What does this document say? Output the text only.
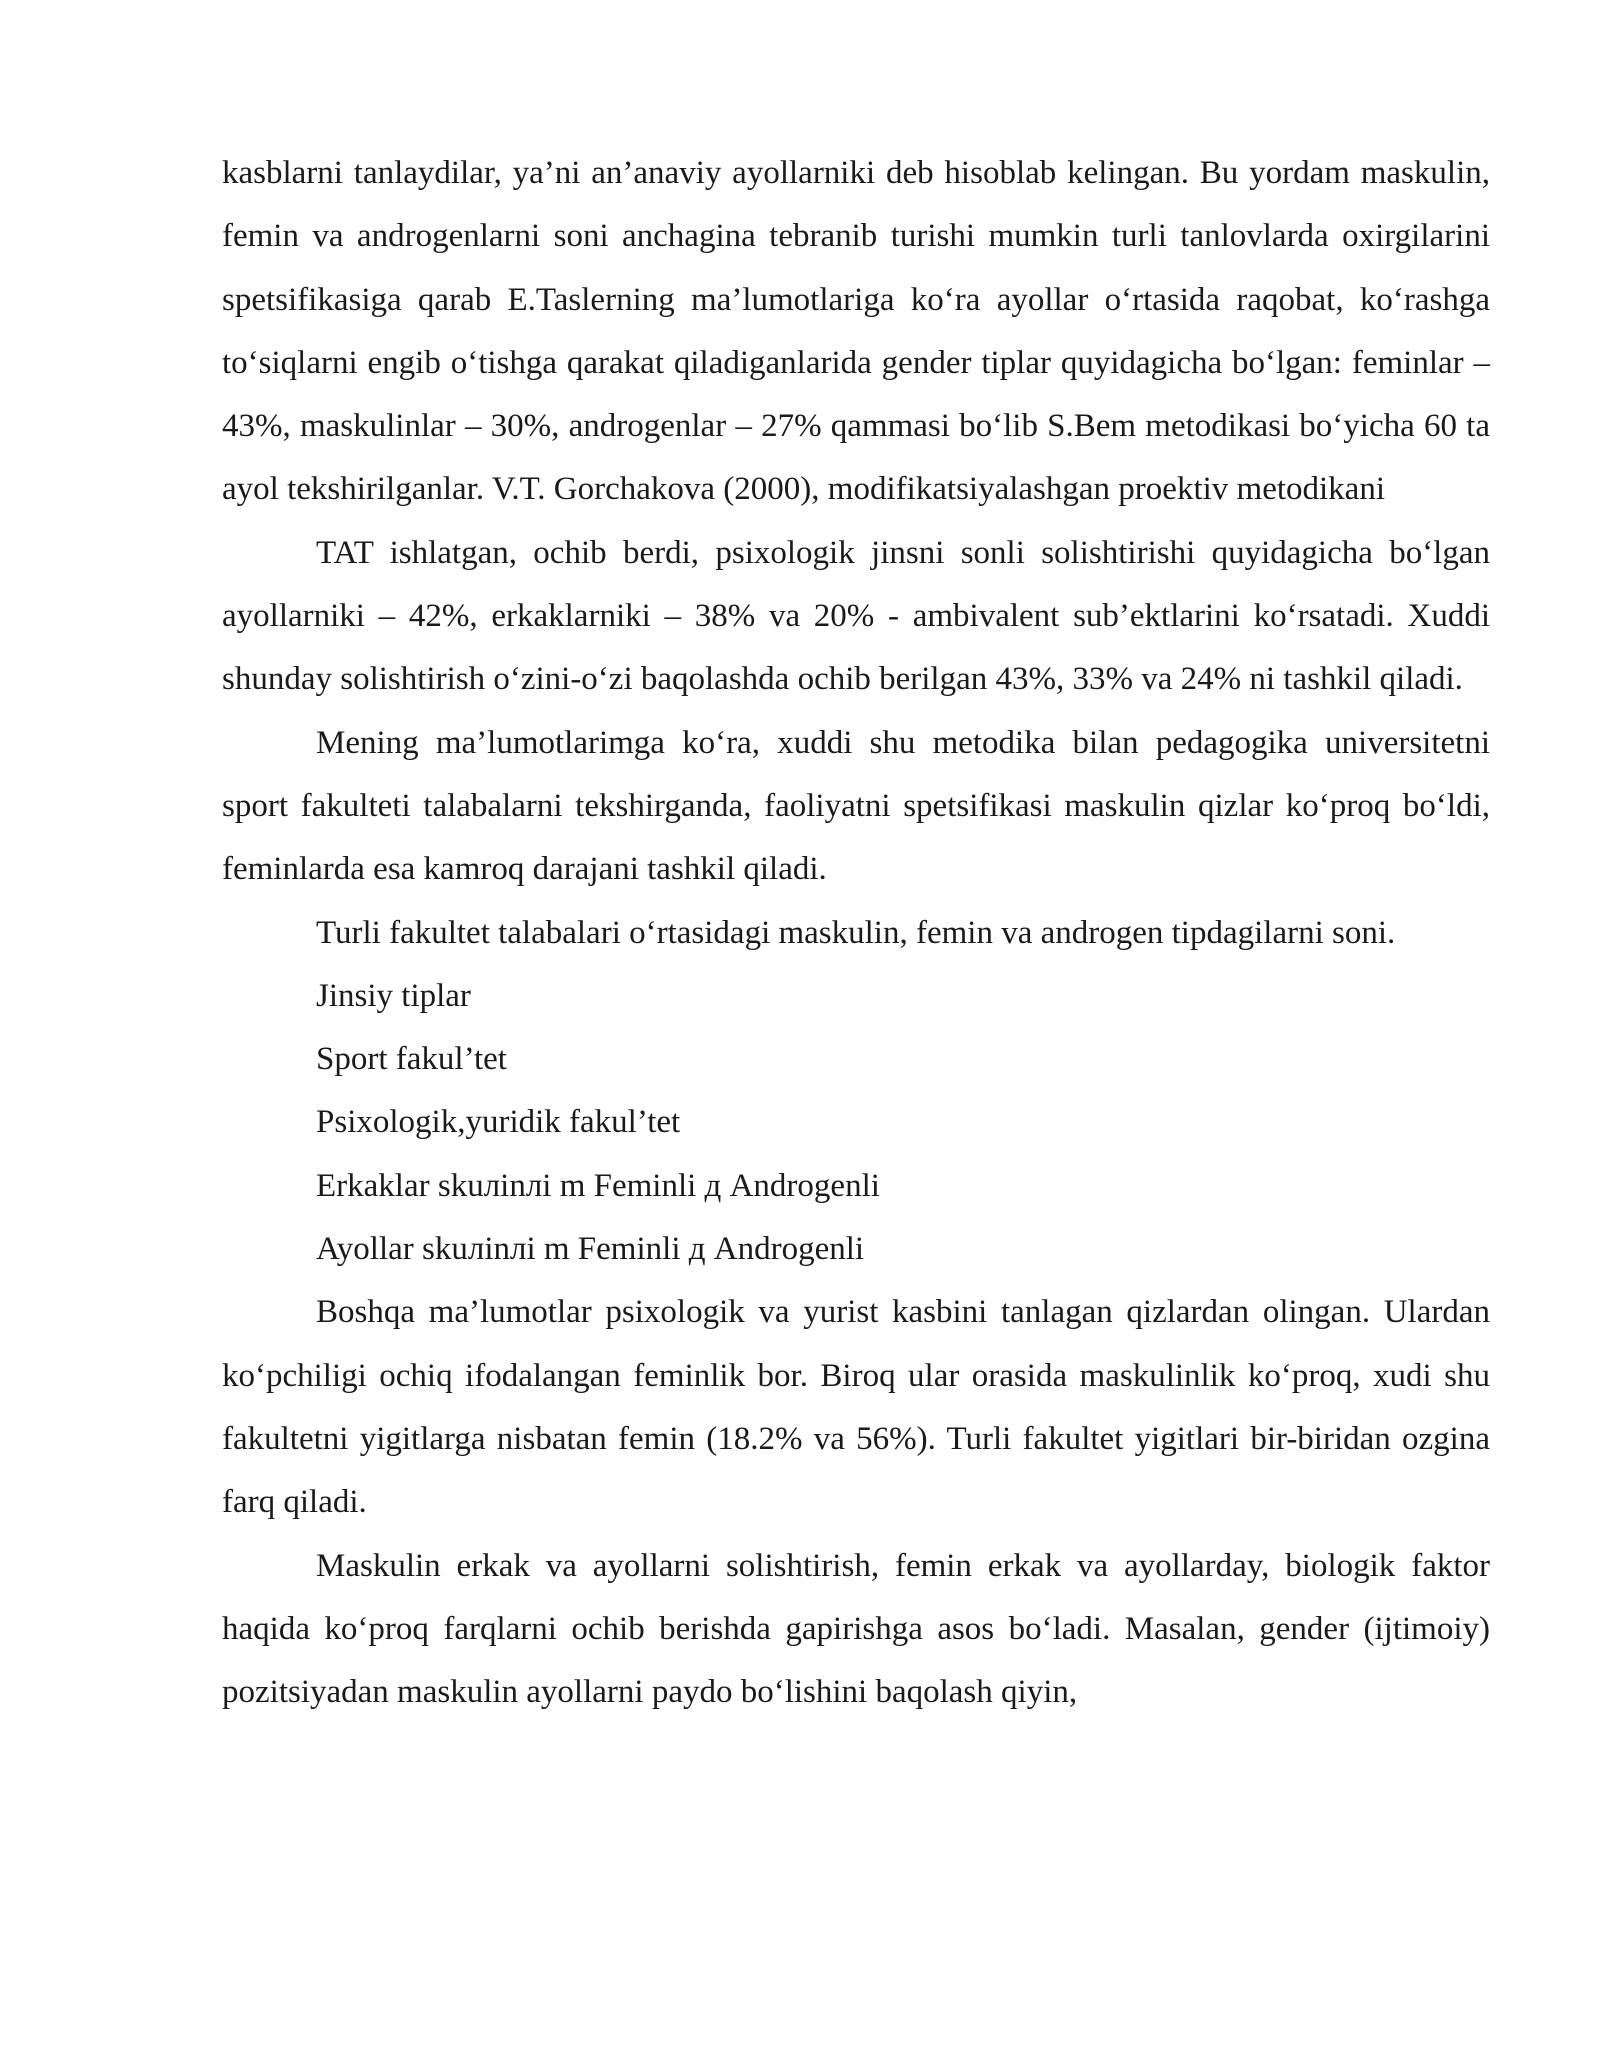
kasblarni tanlaydilar, ya’ni an’anaviy ayollarniki deb hisoblab kelingan. Bu yordam maskulin, femin va androgenlarni soni anchagina tebranib turishi mumkin turli tanlovlarda oxirgilarini spetsifikasiga qarab E.Taslerning ma’lumotlariga ko‘ra ayollar o‘rtasida raqobat, ko‘rashga to‘siqlarni engib o‘tishga qarakat qiladiganlarida gender tiplar quyidagicha bo‘lgan: feminlar – 43%, maskulinlar – 30%, androgenlar – 27% qammasi bo‘lib S.Bem metodikasi bo‘yicha 60 ta ayol tekshirilganlar. V.T. Gorchakova (2000), modifikatsiyalashgan proektiv metodikani

TAT ishlatgan, ochib berdi, psixologik jinsni sonli solishtirishi quyidagicha bo‘lgan ayollarniki – 42%, erkaklarniki – 38% va 20% - ambivalent sub’ektlarini ko‘rsatadi. Xuddi shunday solishtirish o‘zini-o‘zi baqolashda ochib berilgan 43%, 33% va 24% ni tashkil qiladi.

Mening ma’lumotlarimga ko‘ra, xuddi shu metodika bilan pedagogika universitetni sport fakulteti talabalarni tekshirganda, faoliyatni spetsifikasi maskulin qizlar ko‘proq bo‘ldi, feminlarda esa kamroq darajani tashkil qiladi.

Turli fakultet talabalari o‘rtasidagi maskulin, femin va androgen tipdagilarni soni.

Jinsiy tiplar

Sport fakul’tet

Psixologik,yuridik fakul’tet

Erkaklar skuлinлi m Feminli д Androgenli

Ayollar skuлinлi m Feminli д Androgenli

Boshqa ma’lumotlar psixologik va yurist kasbini tanlagan qizlardan olingan. Ulardan ko‘pchiligi ochiq ifodalangan feminlik bor. Biroq ular orasida maskulinlik ko‘proq, xudi shu fakultetni yigitlarga nisbatan femin (18.2% va 56%). Turli fakultet yigitlari bir-biridan ozgina farq qiladi.

Maskulin erkak va ayollarni solishtirish, femin erkak va ayollarday, biologik faktor haqida ko‘proq farqlarni ochib berishda gapirishga asos bo‘ladi. Masalan, gender (ijtimoiy) pozitsiyadan maskulin ayollarni paydo bo‘lishini baqolash qiyin,
